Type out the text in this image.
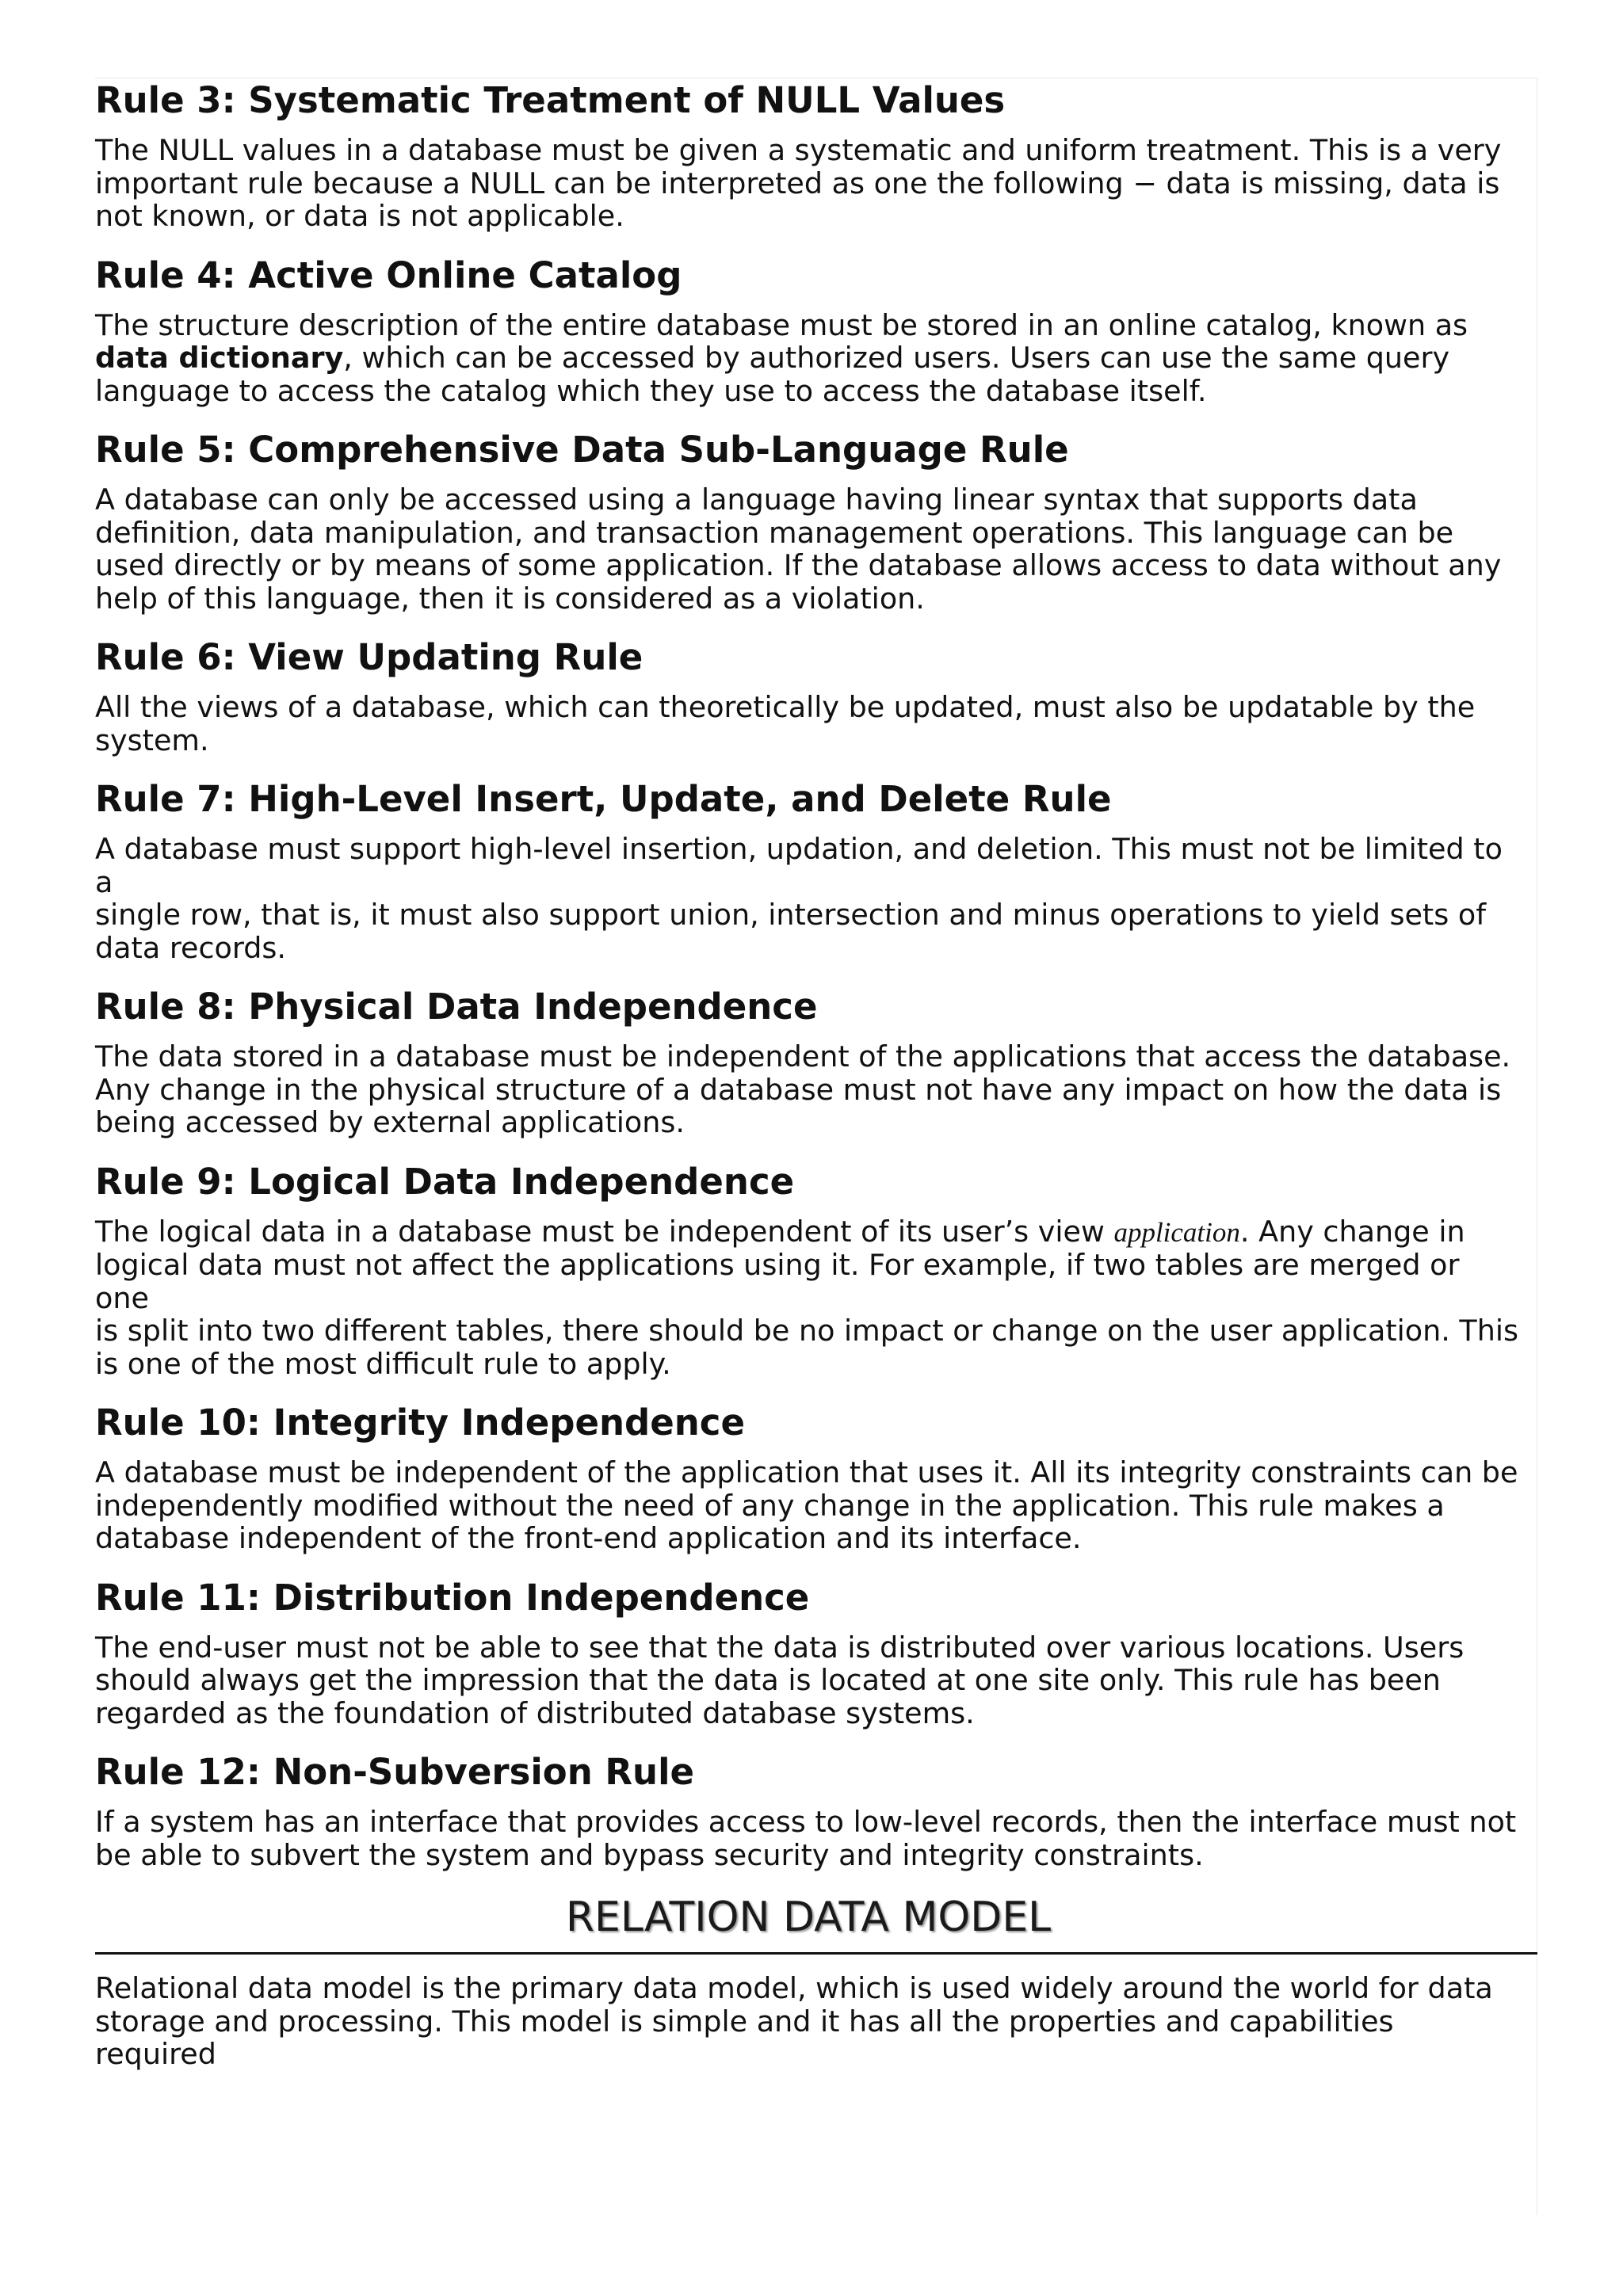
Rule 3: Systematic Treatment of NULL Values

The NULL values in a database must be given a systematic and uniform treatment. This is a very
important rule because a NULL can be interpreted as one the following − data is missing, data is
not known, or data is not applicable.

Rule 4: Active Online Catalog

The structure description of the entire database must be stored in an online catalog, known as
data dictionary, which can be accessed by authorized users. Users can use the same query
language to access the catalog which they use to access the database itself.

Rule 5: Comprehensive Data Sub-Language Rule

A database can only be accessed using a language having linear syntax that supports data
definition, data manipulation, and transaction management operations. This language can be
used directly or by means of some application. If the database allows access to data without any
help of this language, then it is considered as a violation.

Rule 6: View Updating Rule

All the views of a database, which can theoretically be updated, must also be updatable by the
system.

Rule 7: High-Level Insert, Update, and Delete Rule

A database must support high-level insertion, updation, and deletion. This must not be limited to a
single row, that is, it must also support union, intersection and minus operations to yield sets of
data records.

Rule 8: Physical Data Independence

The data stored in a database must be independent of the applications that access the database.
Any change in the physical structure of a database must not have any impact on how the data is
being accessed by external applications.

Rule 9: Logical Data Independence

The logical data in a database must be independent of its user’s view application. Any change in
logical data must not affect the applications using it. For example, if two tables are merged or one
is split into two different tables, there should be no impact or change on the user application. This
is one of the most difficult rule to apply.

Rule 10: Integrity Independence

A database must be independent of the application that uses it. All its integrity constraints can be
independently modified without the need of any change in the application. This rule makes a
database independent of the front-end application and its interface.

Rule 11: Distribution Independence

The end-user must not be able to see that the data is distributed over various locations. Users
should always get the impression that the data is located at one site only. This rule has been
regarded as the foundation of distributed database systems.

Rule 12: Non-Subversion Rule

If a system has an interface that provides access to low-level records, then the interface must not
be able to subvert the system and bypass security and integrity constraints.

RELATION DATA MODEL

Relational data model is the primary data model, which is used widely around the world for data
storage and processing. This model is simple and it has all the properties and capabilities required
